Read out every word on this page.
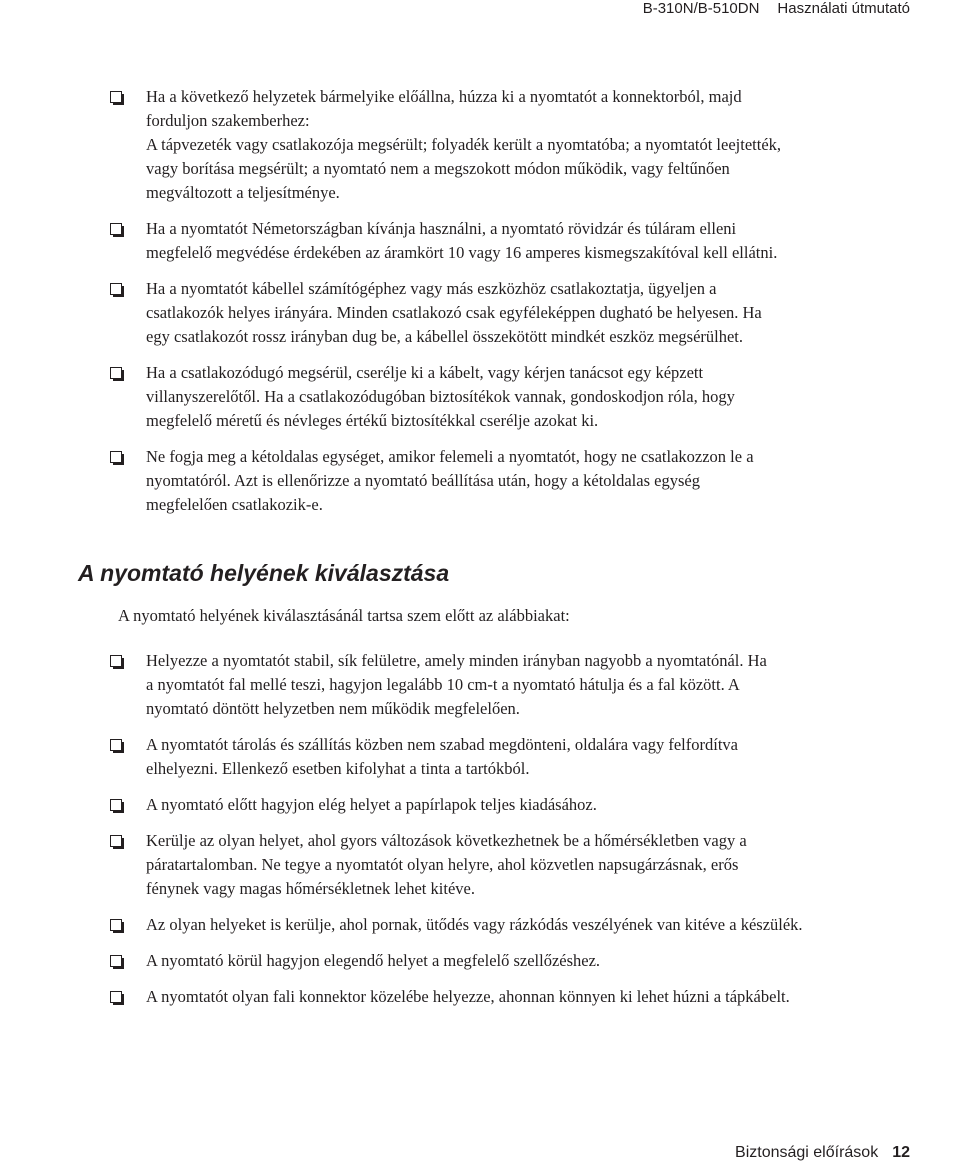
B-310N/B-510DN Használati útmutató
Ha a következő helyzetek bármelyike előállna, húzza ki a nyomtatót a konnektorból, majd
forduljon szakemberhez:
A tápvezeték vagy csatlakozója megsérült; folyadék került a nyomtatóba; a nyomtatót leejtették,
vagy borítása megsérült; a nyomtató nem a megszokott módon működik, vagy feltűnően
megváltozott a teljesítménye.
Ha a nyomtatót Németországban kívánja használni, a nyomtató rövidzár és túláram elleni
megfelelő megvédése érdekében az áramkört 10 vagy 16 amperes kismegszakítóval kell ellátni.
Ha a nyomtatót kábellel számítógéphez vagy más eszközhöz csatlakoztatja, ügyeljen a
csatlakozók helyes irányára. Minden csatlakozó csak egyféleképpen dugható be helyesen. Ha
egy csatlakozót rossz irányban dug be, a kábellel összekötött mindkét eszköz megsérülhet.
Ha a csatlakozódugó megsérül, cserélje ki a kábelt, vagy kérjen tanácsot egy képzett
villanyszerelőtől. Ha a csatlakozódugóban biztosítékok vannak, gondoskodjon róla, hogy
megfelelő méretű és névleges értékű biztosítékkal cserélje azokat ki.
Ne fogja meg a kétoldalas egységet, amikor felemeli a nyomtatót, hogy ne csatlakozzon le a
nyomtatóról. Azt is ellenőrizze a nyomtató beállítása után, hogy a kétoldalas egység
megfelelően csatlakozik-e.
A nyomtató helyének kiválasztása

A nyomtató helyének kiválasztásánál tartsa szem előtt az alábbiakat:

Helyezze a nyomtatót stabil, sík felületre, amely minden irányban nagyobb a nyomtatónál. Ha
a nyomtatót fal mellé teszi, hagyjon legalább 10 cm-t a nyomtató hátulja és a fal között. A
nyomtató döntött helyzetben nem működik megfelelően.
A nyomtatót tárolás és szállítás közben nem szabad megdönteni, oldalára vagy felfordítva
elhelyezni. Ellenkező esetben kifolyhat a tinta a tartókból.
A nyomtató előtt hagyjon elég helyet a papírlapok teljes kiadásához.
Kerülje az olyan helyet, ahol gyors változások következhetnek be a hőmérsékletben vagy a
páratartalomban. Ne tegye a nyomtatót olyan helyre, ahol közvetlen napsugárzásnak, erős
fénynek vagy magas hőmérsékletnek lehet kitéve.
Az olyan helyeket is kerülje, ahol pornak, ütődés vagy rázkódás veszélyének van kitéve a készülék.
A nyomtató körül hagyjon elegendő helyet a megfelelő szellőzéshez.
A nyomtatót olyan fali konnektor közelébe helyezze, ahonnan könnyen ki lehet húzni a tápkábelt.
Biztonsági előírások 12
